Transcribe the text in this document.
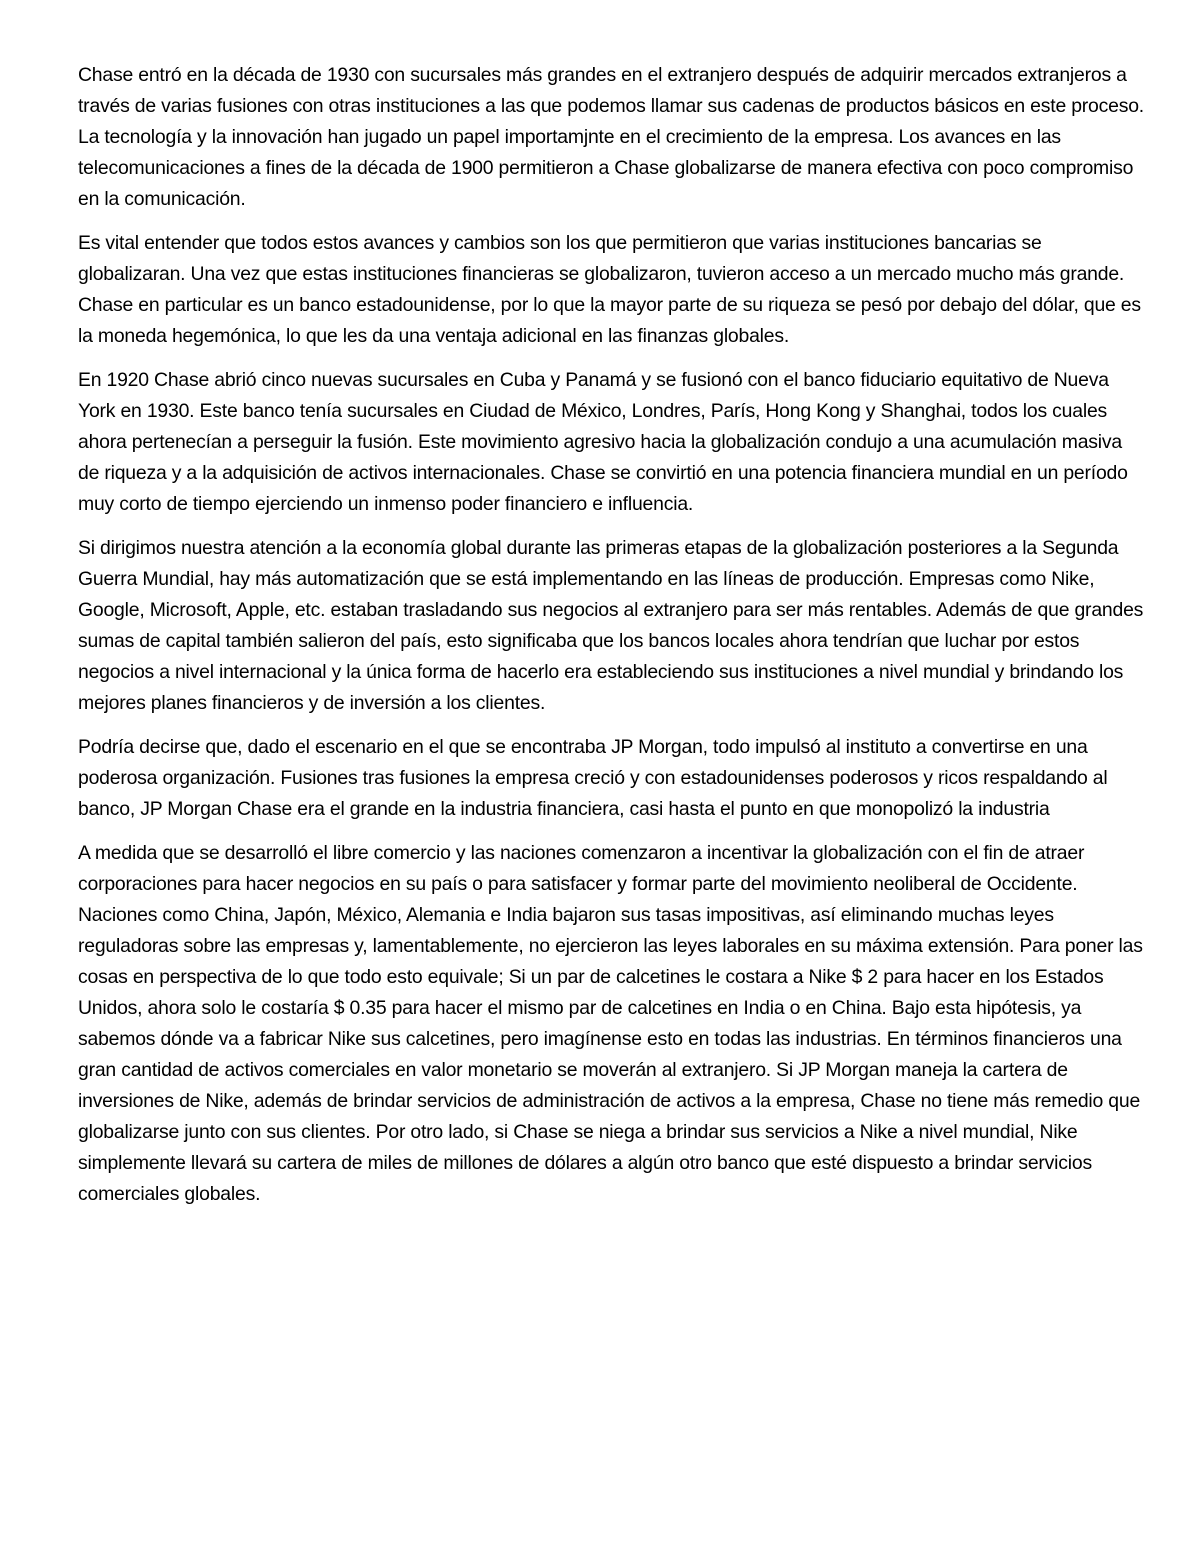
Chase entró en la década de 1930 con sucursales más grandes en el extranjero después de adquirir mercados extranjeros a través de varias fusiones con otras instituciones a las que podemos llamar sus cadenas de productos básicos en este proceso. La tecnología y la innovación han jugado un papel importamjnte en el crecimiento de la empresa. Los avances en las telecomunicaciones a fines de la década de 1900 permitieron a Chase globalizarse de manera efectiva con poco compromiso en la comunicación.

Es vital entender que todos estos avances y cambios son los que permitieron que varias instituciones bancarias se globalizaran. Una vez que estas instituciones financieras se globalizaron, tuvieron acceso a un mercado mucho más grande. Chase en particular es un banco estadounidense, por lo que la mayor parte de su riqueza se pesó por debajo del dólar, que es la moneda hegemónica, lo que les da una ventaja adicional en las finanzas globales.

En 1920 Chase abrió cinco nuevas sucursales en Cuba y Panamá y se fusionó con el banco fiduciario equitativo de Nueva York en 1930. Este banco tenía sucursales en Ciudad de México, Londres, París, Hong Kong y Shanghai, todos los cuales ahora pertenecían a perseguir la fusión. Este movimiento agresivo hacia la globalización condujo a una acumulación masiva de riqueza y a la adquisición de activos internacionales. Chase se convirtió en una potencia financiera mundial en un período muy corto de tiempo ejerciendo un inmenso poder financiero e influencia.

Si dirigimos nuestra atención a la economía global durante las primeras etapas de la globalización posteriores a la Segunda Guerra Mundial, hay más automatización que se está implementando en las líneas de producción. Empresas como Nike, Google, Microsoft, Apple, etc. estaban trasladando sus negocios al extranjero para ser más rentables. Además de que grandes sumas de capital también salieron del país, esto significaba que los bancos locales ahora tendrían que luchar por estos negocios a nivel internacional y la única forma de hacerlo era estableciendo sus instituciones a nivel mundial y brindando los mejores planes financieros y de inversión a los clientes.

Podría decirse que, dado el escenario en el que se encontraba JP Morgan, todo impulsó al instituto a convertirse en una poderosa organización. Fusiones tras fusiones la empresa creció y con estadounidenses poderosos y ricos respaldando al banco, JP Morgan Chase era el grande en la industria financiera, casi hasta el punto en que monopolizó la industria

A medida que se desarrolló el libre comercio y las naciones comenzaron a incentivar la globalización con el fin de atraer corporaciones para hacer negocios en su país o para satisfacer y formar parte del movimiento neoliberal de Occidente. Naciones como China, Japón, México, Alemania e India bajaron sus tasas impositivas, así eliminando muchas leyes reguladoras sobre las empresas y, lamentablemente, no ejercieron las leyes laborales en su máxima extensión. Para poner las cosas en perspectiva de lo que todo esto equivale; Si un par de calcetines le costara a Nike $ 2 para hacer en los Estados Unidos, ahora solo le costaría $ 0.35 para hacer el mismo par de calcetines en India o en China. Bajo esta hipótesis, ya sabemos dónde va a fabricar Nike sus calcetines, pero imagínense esto en todas las industrias. En términos financieros una gran cantidad de activos comerciales en valor monetario se moverán al extranjero. Si JP Morgan maneja la cartera de inversiones de Nike, además de brindar servicios de administración de activos a la empresa, Chase no tiene más remedio que globalizarse junto con sus clientes. Por otro lado, si Chase se niega a brindar sus servicios a Nike a nivel mundial, Nike simplemente llevará su cartera de miles de millones de dólares a algún otro banco que esté dispuesto a brindar servicios comerciales globales.
